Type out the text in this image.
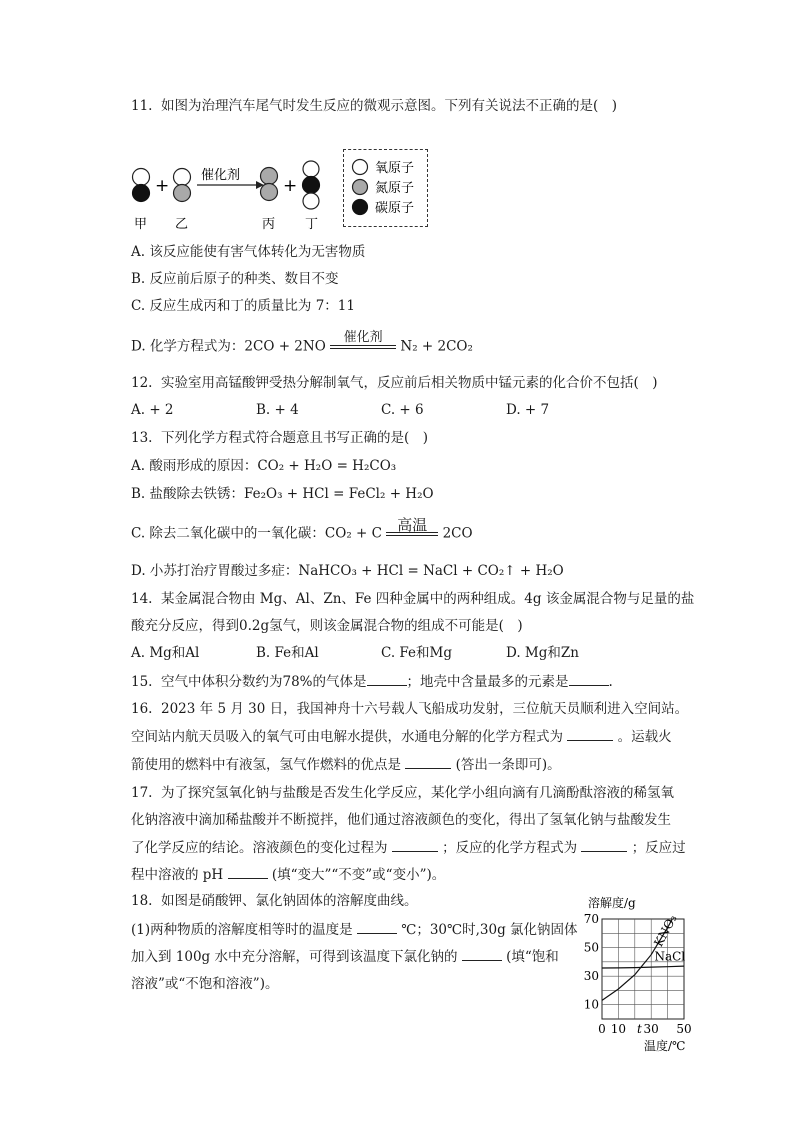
11. 如图为治理汽车尾气时发生反应的微观示意图。下列有关说法不正确的是(　)
+
催化剂
+
甲 乙	丙 丁
氧原子
氮原子
碳原子
A. 该反应能使有害气体转化为无害物质
B. 反应前后原子的种类、数目不变
C. 反应生成丙和丁的质量比为 7：11
D. 化学方程式为：2CO + 2NO
催化剂

N₂ + 2CO₂
12. 实验室用高锰酸钾受热分解制氧气，反应前后相关物质中锰元素的化合价不包括(　)
A. + 2	B. + 4	C. + 6	D. + 7
13. 下列化学方程式符合题意且书写正确的是(　)
A. 酸雨形成的原因：CO₂ + H₂O = H₂CO₃
B. 盐酸除去铁锈：Fe₂O₃ + HCl = FeCl₂ + H₂O
C. 除去二氧化碳中的一氧化碳：CO₂ + C	高温
	2CO
D. 小苏打治疗胃酸过多症：NaHCO₃ + HCl = NaCl + CO₂↑ + H₂O
14. 某金属混合物由 Mg、Al、Zn、Fe 四种金属中的两种组成。4g 该金属混合物与足量的盐
酸充分反应，得到0.2g氢气，则该金属混合物的组成不可能是(　)
A. Mg和Al	B. Fe和Al	C. Fe和Mg	D. Mg和Zn
15. 空气中体积分数约为78%的气体是	；地壳中含量最多的元素是	.
16. 2023 年 5 月 30 日，我国神舟十六号载人飞船成功发射，三位航天员顺利进入空间站。
空间站内航天员吸入的氧气可由电解水提供，水通电分解的化学方程式为	。运载火
箭使用的燃料中有液氢，氢气作燃料的优点是	(答出一条即可)。
17. 为了探究氢氧化钠与盐酸是否发生化学反应，某化学小组向滴有几滴酚酞溶液的稀氢氧
化钠溶液中滴加稀盐酸并不断搅拌，他们通过溶液颜色的变化，得出了氢氧化钠与盐酸发生
了化学反应的结论。溶液颜色的变化过程为	；反应的化学方程式为	；反应过
程中溶液的 pH	(填“变大”“不变”或“变小”)。
18. 如图是硝酸钾、氯化钠固体的溶解度曲线。
(1)两种物质的溶解度相等时的温度是	℃；30℃时,30g 氯化钠固体
加入到 100g 水中充分溶解，可得到该温度下氯化钠的	(填“饱和
溶液”或“不饱和溶液”)。
溶解度/g
温度/℃
10
30
50
70
0 10 t 30 50
KNO₃
NaCl
